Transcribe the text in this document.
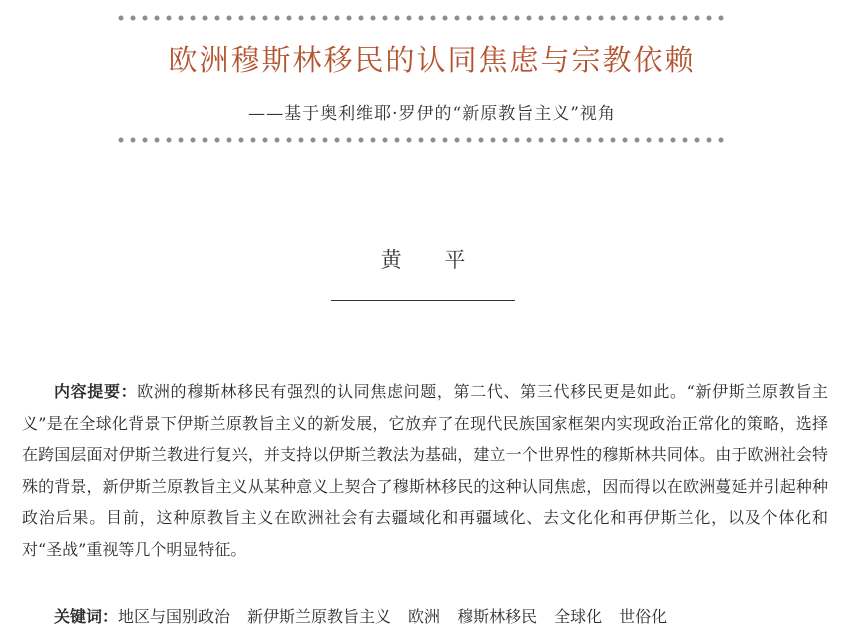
欧洲穆斯林移民的认同焦虑与宗教依赖
——基于奥利维耶·罗伊的“新原教旨主义”视角
黄 平

内容提要：欧洲的穆斯林移民有强烈的认同焦虑问题，第二代、第三代移民更是如此。“新伊斯兰原教旨主义”是在全球化背景下伊斯兰原教旨主义的新发展，它放弃了在现代民族国家框架内实现政治正常化的策略，选择在跨国层面对伊斯兰教进行复兴，并支持以伊斯兰教法为基础，建立一个世界性的穆斯林共同体。由于欧洲社会特殊的背景，新伊斯兰原教旨主义从某种意义上契合了穆斯林移民的这种认同焦虑，因而得以在欧洲蔓延并引起种种政治后果。目前，这种原教旨主义在欧洲社会有去疆域化和再疆域化、去文化化和再伊斯兰化，以及个体化和对“圣战”重视等几个明显特征。

关键词：地区与国别政治 新伊斯兰原教旨主义 欧洲 穆斯林移民 全球化 世俗化
